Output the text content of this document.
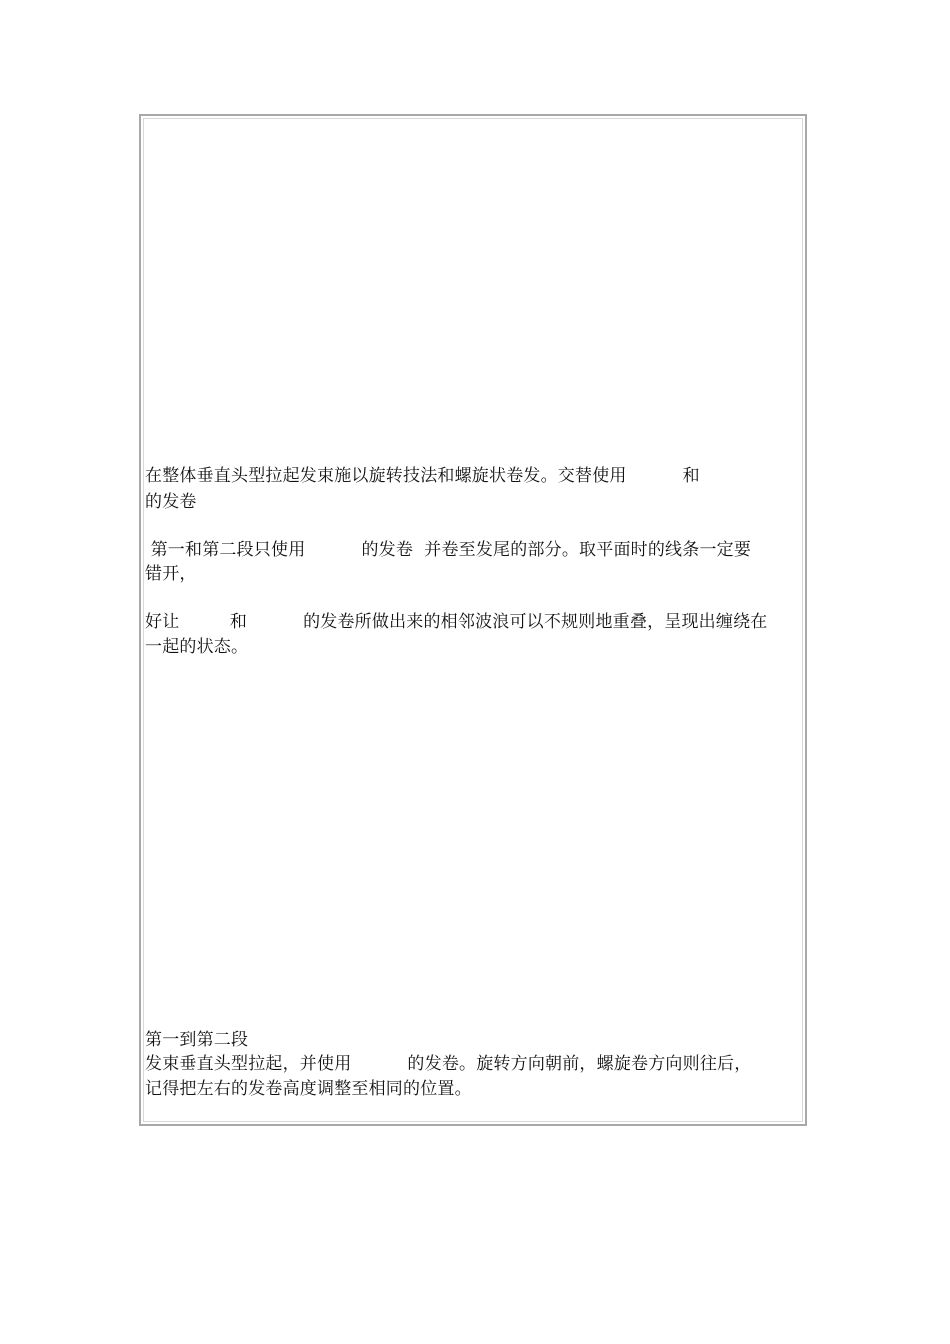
在整体垂直头型拉起发束施以旋转技法和螺旋状卷发。交替使用          和
的发卷
第一和第二段只使用          的发卷  并卷至发尾的部分。取平面时的线条一定要
错开，
好让         和          的发卷所做出来的相邻波浪可以不规则地重叠，呈现出缠绕在
一起的状态。
第一到第二段
发束垂直头型拉起，并使用          的发卷。旋转方向朝前，螺旋卷方向则往后，
记得把左右的发卷高度调整至相同的位置。
